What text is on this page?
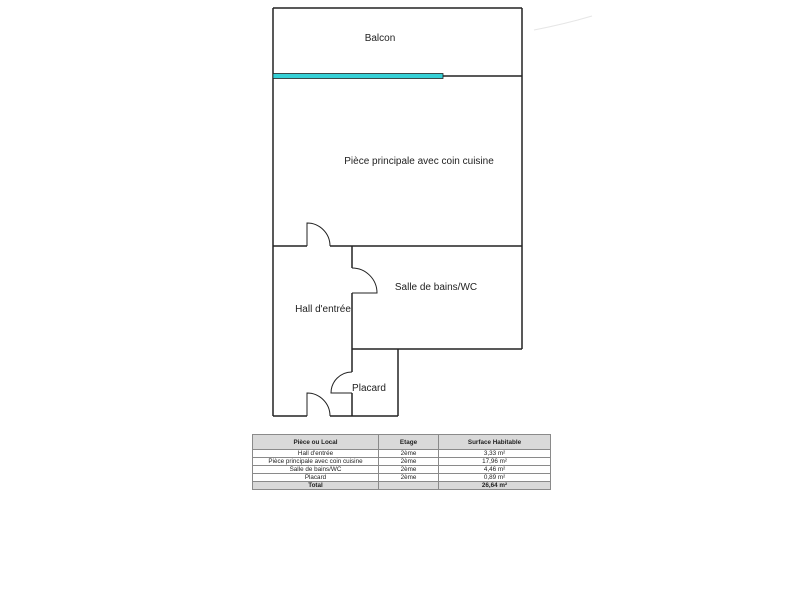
Balcon
Pièce principale avec coin cuisine
Salle de bains/WC
Hall d'entrée
Placard
Pièce ou Local	Etage	Surface Habitable
Hall d'entrée	2ème	3,33 m²
Pièce principale avec coin cuisine	2ème	17,96 m²
Salle de bains/WC	2ème	4,46 m²
Placard	2ème	0,89 m²
Total		26,64 m²
